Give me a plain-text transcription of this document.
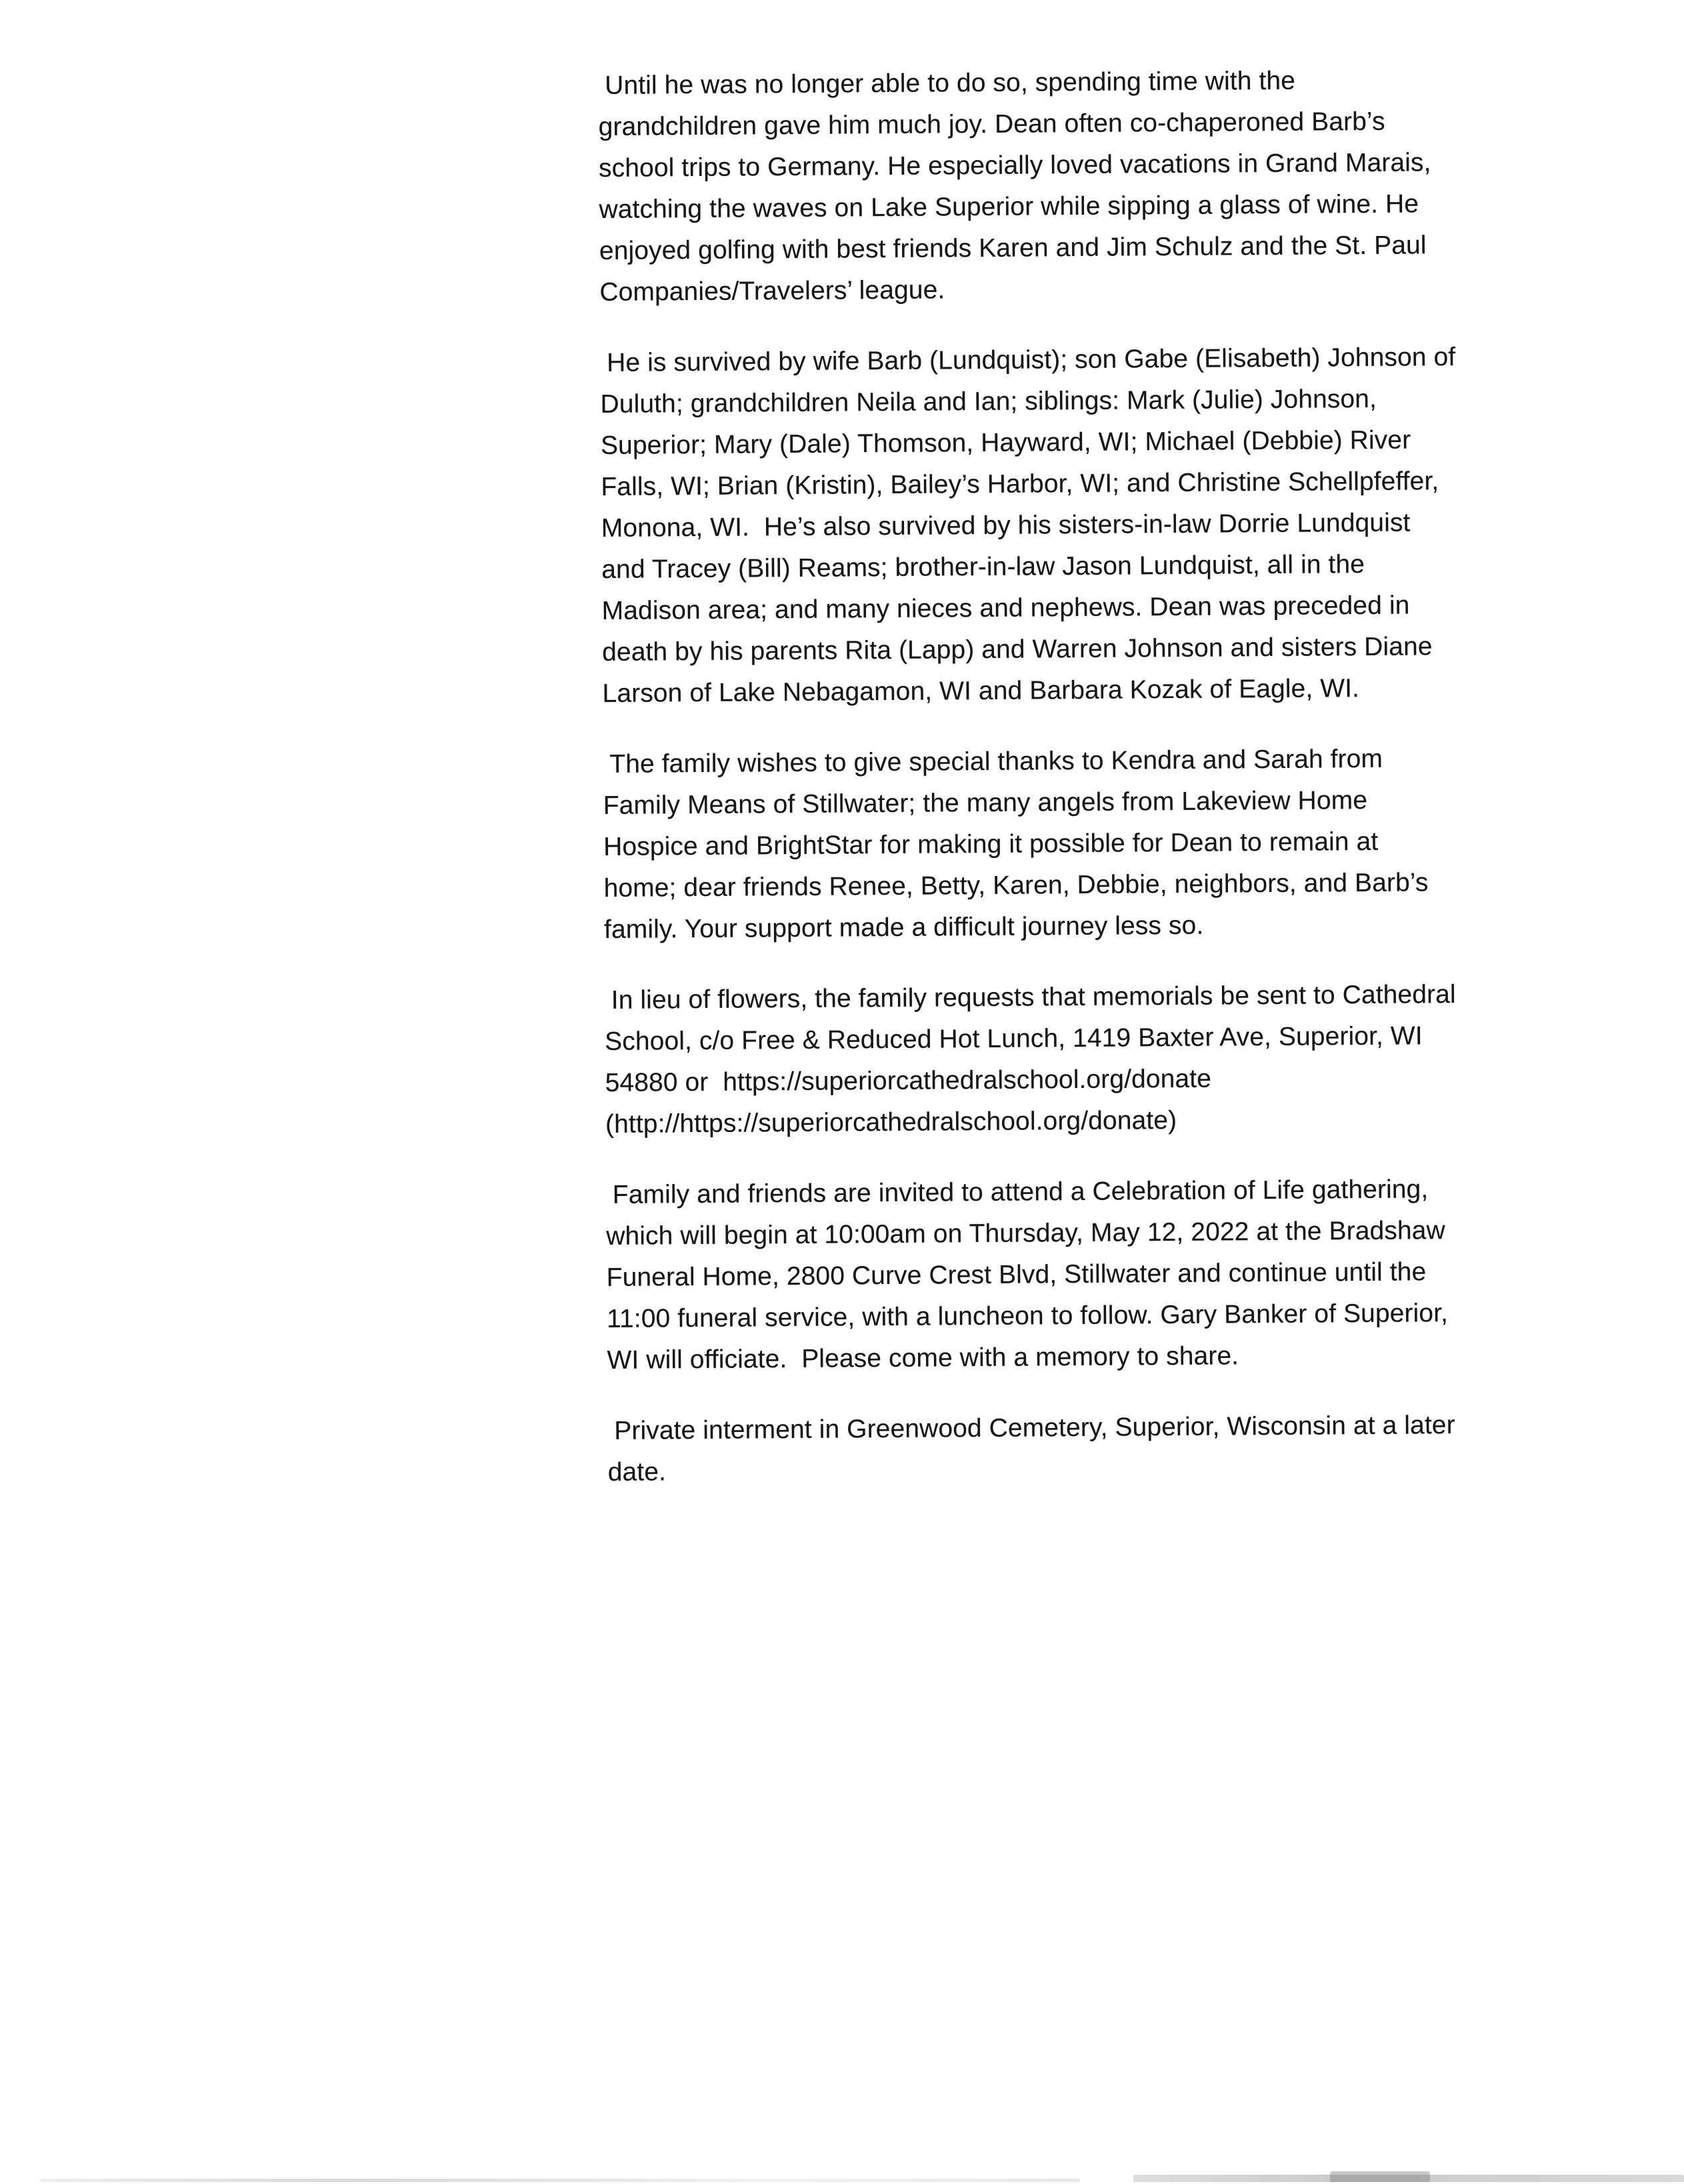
Until he was no longer able to do so, spending time with the
grandchildren gave him much joy. Dean often co-chaperoned Barb’s
school trips to Germany. He especially loved vacations in Grand Marais,
watching the waves on Lake Superior while sipping a glass of wine. He
enjoyed golfing with best friends Karen and Jim Schulz and the St. Paul
Companies/Travelers’ league.

He is survived by wife Barb (Lundquist); son Gabe (Elisabeth) Johnson of
Duluth; grandchildren Neila and Ian; siblings: Mark (Julie) Johnson,
Superior; Mary (Dale) Thomson, Hayward, WI; Michael (Debbie) River
Falls, WI; Brian (Kristin), Bailey’s Harbor, WI; and Christine Schellpfeffer,
Monona, WI.  He’s also survived by his sisters-in-law Dorrie Lundquist
and Tracey (Bill) Reams; brother-in-law Jason Lundquist, all in the
Madison area; and many nieces and nephews. Dean was preceded in
death by his parents Rita (Lapp) and Warren Johnson and sisters Diane
Larson of Lake Nebagamon, WI and Barbara Kozak of Eagle, WI.

The family wishes to give special thanks to Kendra and Sarah from
Family Means of Stillwater; the many angels from Lakeview Home
Hospice and BrightStar for making it possible for Dean to remain at
home; dear friends Renee, Betty, Karen, Debbie, neighbors, and Barb’s
family. Your support made a difficult journey less so.

In lieu of flowers, the family requests that memorials be sent to Cathedral
School, c/o Free & Reduced Hot Lunch, 1419 Baxter Ave, Superior, WI
54880 or  https://superiorcathedralschool.org/donate
(http://https://superiorcathedralschool.org/donate)

Family and friends are invited to attend a Celebration of Life gathering,
which will begin at 10:00am on Thursday, May 12, 2022 at the Bradshaw
Funeral Home, 2800 Curve Crest Blvd, Stillwater and continue until the
11:00 funeral service, with a luncheon to follow. Gary Banker of Superior,
WI will officiate.  Please come with a memory to share.

Private interment in Greenwood Cemetery, Superior, Wisconsin at a later
date.
